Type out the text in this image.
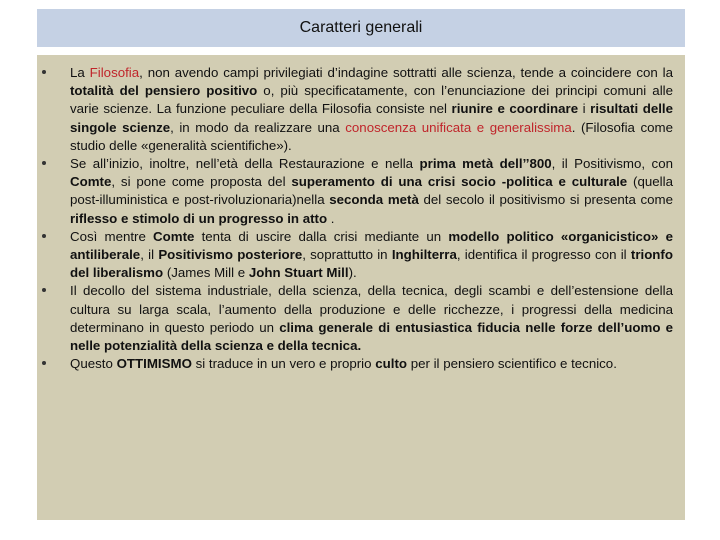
Caratteri generali
La Filosofia, non avendo campi privilegiati d’indagine sottratti alle scienza, tende a coincidere con la totalità del pensiero positivo o, più specificatamente, con l’enunciazione dei principi comuni alle varie scienze. La funzione peculiare della Filosofia consiste nel riunire e coordinare i risultati delle singole scienze, in modo da realizzare una conoscenza unificata e generalissima. (Filosofia come studio delle «generalità scientifiche»).
Se all’inizio, inoltre, nell’età della Restaurazione e nella prima metà dell’’800, il Positivismo, con Comte, si pone come proposta del superamento di una crisi socio -politica e culturale (quella post-illuministica e post-rivoluzionaria)nella seconda metà del secolo il positivismo si presenta come riflesso e stimolo di un progresso in atto .
Così mentre Comte tenta di uscire dalla crisi mediante un modello politico «organicistico» e antiliberale, il Positivismo posteriore, soprattutto in Inghilterra, identifica il progresso con il trionfo del liberalismo (James Mill e John Stuart Mill).
Il decollo del sistema industriale, della scienza, della tecnica, degli scambi e dell’estensione della cultura su larga scala, l’aumento della produzione e delle ricchezze, i progressi della medicina determinano in questo periodo un clima generale di entusiastica fiducia nelle forze dell’uomo e nelle potenzialità della scienza e della tecnica.
Questo OTTIMISMO si traduce in un vero e proprio culto per il pensiero scientifico e tecnico.
